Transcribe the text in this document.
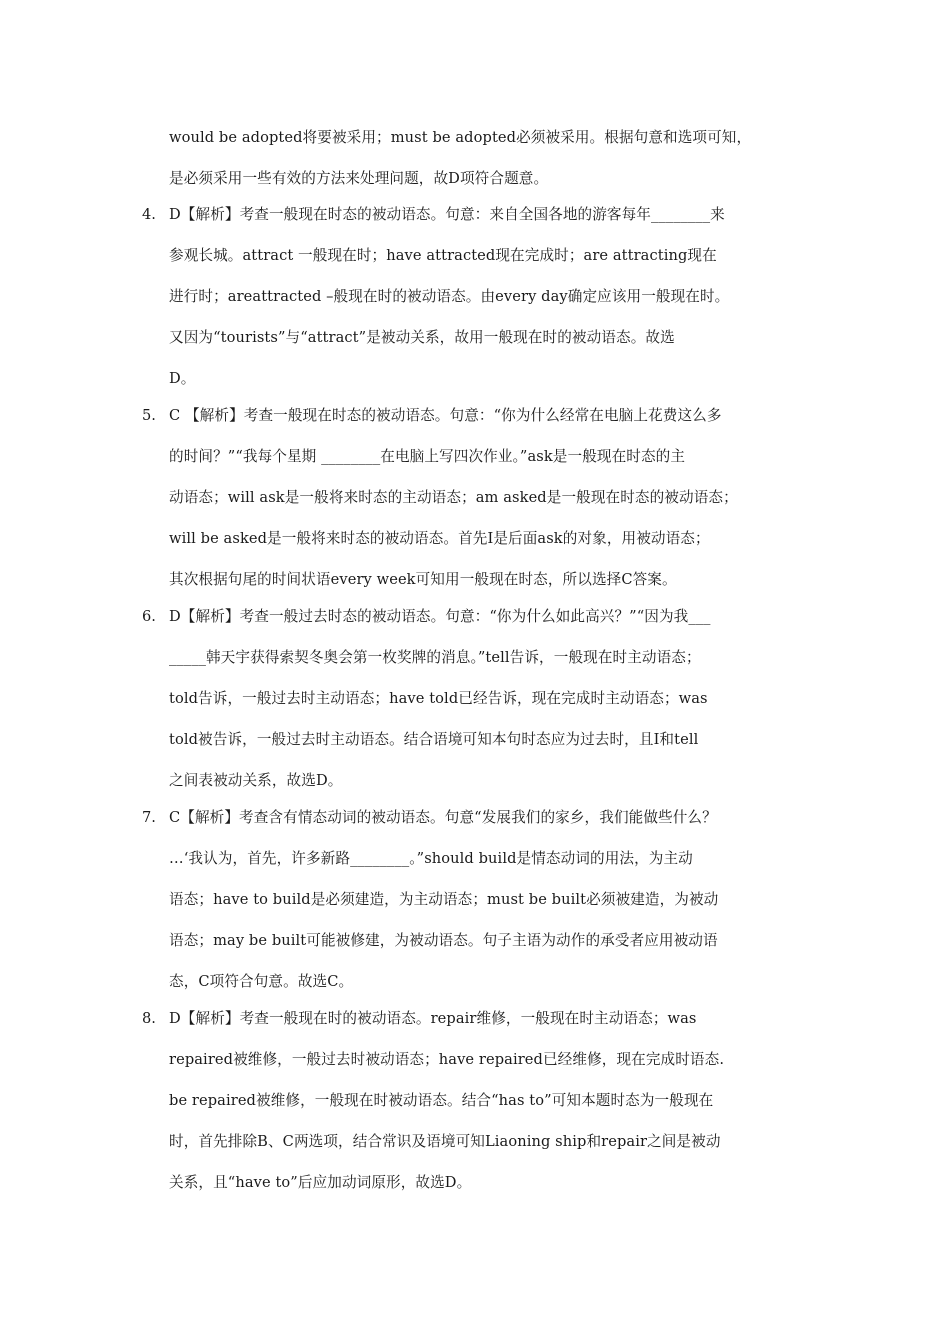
would be adopted将要被采用；must be adopted必须被采用。根据句意和选项可知，
是必须采用一些有效的方法来处理问题，故D项符合题意。
4. D【解析】考查一般现在时态的被动语态。句意：来自全国各地的游客每年________来
参观长城。attract 一般现在时；have attracted现在完成时；are attracting现在
进行时；areattracted –般现在时的被动语态。由every day确定应该用一般现在时。
又因为“tourists”与“attract”是被动关系，故用一般现在时的被动语态。故选
D。
5. C 【解析】考查一般现在时态的被动语态。句意：“你为什么经常在电脑上花费这么多
的时间？”“我每个星期 ________在电脑上写四次作业。”ask是一般现在时态的主
动语态；will ask是一般将来时态的主动语态；am asked是一般现在时态的被动语态；
will be asked是一般将来时态的被动语态。首先I是后面ask的对象，用被动语态；
其次根据句尾的时间状语every week可知用一般现在时态，所以选择C答案。
6. D【解析】考查一般过去时态的被动语态。句意：“你为什么如此高兴？”“因为我___
_____韩天宇获得索契冬奥会第一枚奖牌的消息。”tell告诉，一般现在时主动语态；
told告诉，一般过去时主动语态；have told已经告诉，现在完成时主动语态；was
told被告诉，一般过去时主动语态。结合语境可知本句时态应为过去时，且I和tell
之间表被动关系，故选D。
7. C【解析】考查含有情态动词的被动语态。句意“发展我们的家乡，我们能做些什么？
…‘我认为，首先，许多新路________。”should build是情态动词的用法，为主动
语态；have to build是必须建造，为主动语态；must be built必须被建造，为被动
语态；may be built可能被修建，为被动语态。句子主语为动作的承受者应用被动语
态，C项符合句意。故选C。
8. D【解析】考查一般现在时的被动语态。repair维修，一般现在时主动语态；was
repaired被维修，一般过去时被动语态；have repaired已经维修，现在完成时语态.
be repaired被维修，一般现在时被动语态。结合“has to”可知本题时态为一般现在
时，首先排除B、C两选项，结合常识及语境可知Liaoning ship和repair之间是被动
关系，且“have to”后应加动词原形，故选D。
